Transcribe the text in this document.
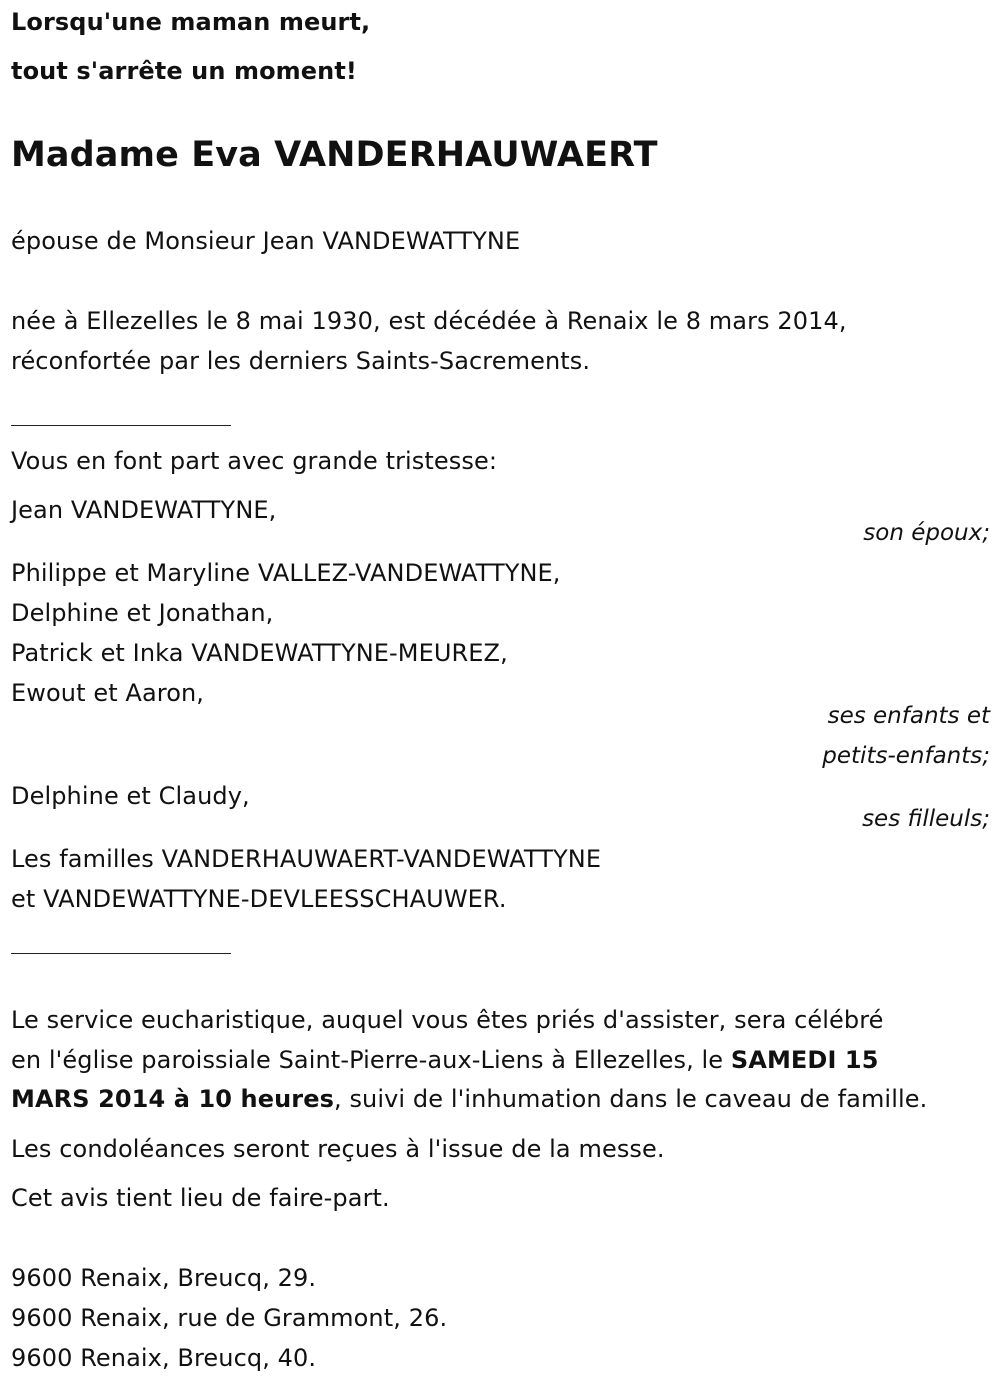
Lorsqu'une maman meurt,
tout s'arrête un moment!
Madame Eva VANDERHAUWAERT
épouse de Monsieur Jean VANDEWATTYNE
née à Ellezelles le 8 mai 1930, est décédée à Renaix le 8 mars 2014,
réconfortée par les derniers Saints-Sacrements.
Vous en font part avec grande tristesse:
Jean VANDEWATTYNE,
son époux;
Philippe et Maryline VALLEZ-VANDEWATTYNE,
Delphine et Jonathan,
Patrick et Inka VANDEWATTYNE-MEUREZ,
Ewout et Aaron,
ses enfants et
petits-enfants;
Delphine et Claudy,
ses filleuls;
Les familles VANDERHAUWAERT-VANDEWATTYNE
et VANDEWATTYNE-DEVLEESSCHAUWER.
Le service eucharistique, auquel vous êtes priés d'assister, sera célébré
en l'église paroissiale Saint-Pierre-aux-Liens à Ellezelles, le SAMEDI 15
MARS 2014 à 10 heures, suivi de l'inhumation dans le caveau de famille.
Les condoléances seront reçues à l'issue de la messe.
Cet avis tient lieu de faire-part.
9600 Renaix, Breucq, 29.
9600 Renaix, rue de Grammont, 26.
9600 Renaix, Breucq, 40.
